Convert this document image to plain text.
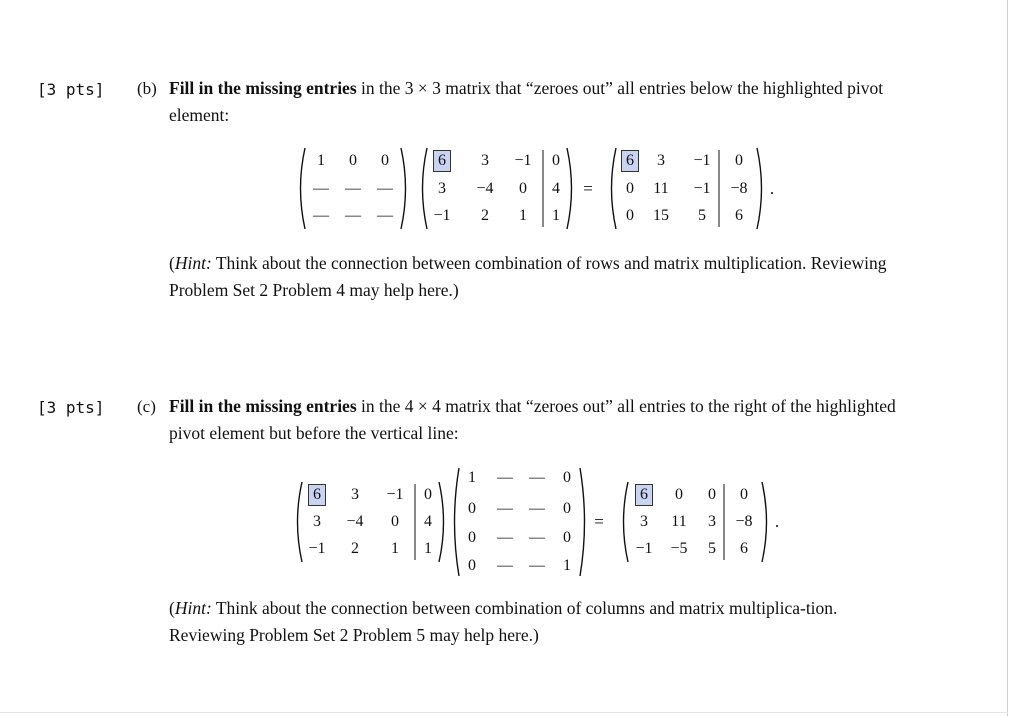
[3 pts] (b) Fill in the missing entries in the 3 × 3 matrix that “zeroes out” all entries below the highlighted pivot element:
1 0 0
— — —
— — —
6	3 −1 0
3 −4 0 4
−1 2 1 1
=
6	3 −1 0
0 11 −1 −8
0 15 5 6
.
(Hint: Think about the connection between combination of rows and matrix multiplication. Reviewing Problem Set 2 Problem 4 may help here.)
[3 pts] (c) Fill in the missing entries in the 4 × 4 matrix that “zeroes out” all entries to the right of the highlighted pivot element but before the vertical line:
6	3 −1 0
3 −4 0 4
−1 2 1 1
1 — — 0
0 — — 0
0 — — 0
0 — — 1
=
6	0 0 0
3 11 3 −8
−1 −5 5 6
.
(Hint: Think about the connection between combination of columns and matrix multiplica-tion. Reviewing Problem Set 2 Problem 5 may help here.)
